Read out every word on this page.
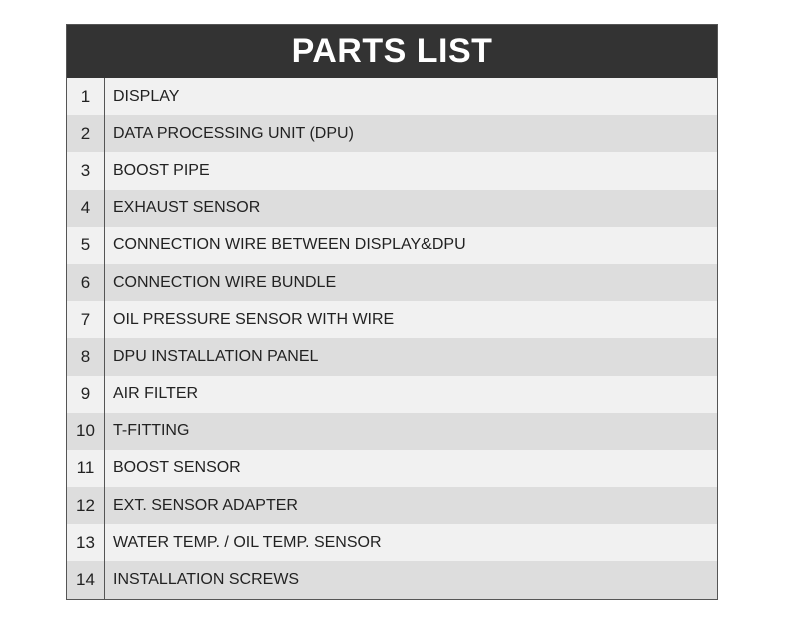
PARTS LIST
1	DISPLAY
2	DATA PROCESSING UNIT (DPU)
3	BOOST PIPE
4	EXHAUST SENSOR
5	CONNECTION WIRE BETWEEN DISPLAY&DPU
6	CONNECTION WIRE BUNDLE
7	OIL PRESSURE SENSOR WITH WIRE
8	DPU INSTALLATION PANEL
9	AIR FILTER
10	T-FITTING
11	BOOST SENSOR
12	EXT. SENSOR ADAPTER
13	WATER TEMP. / OIL TEMP. SENSOR
14	INSTALLATION SCREWS
